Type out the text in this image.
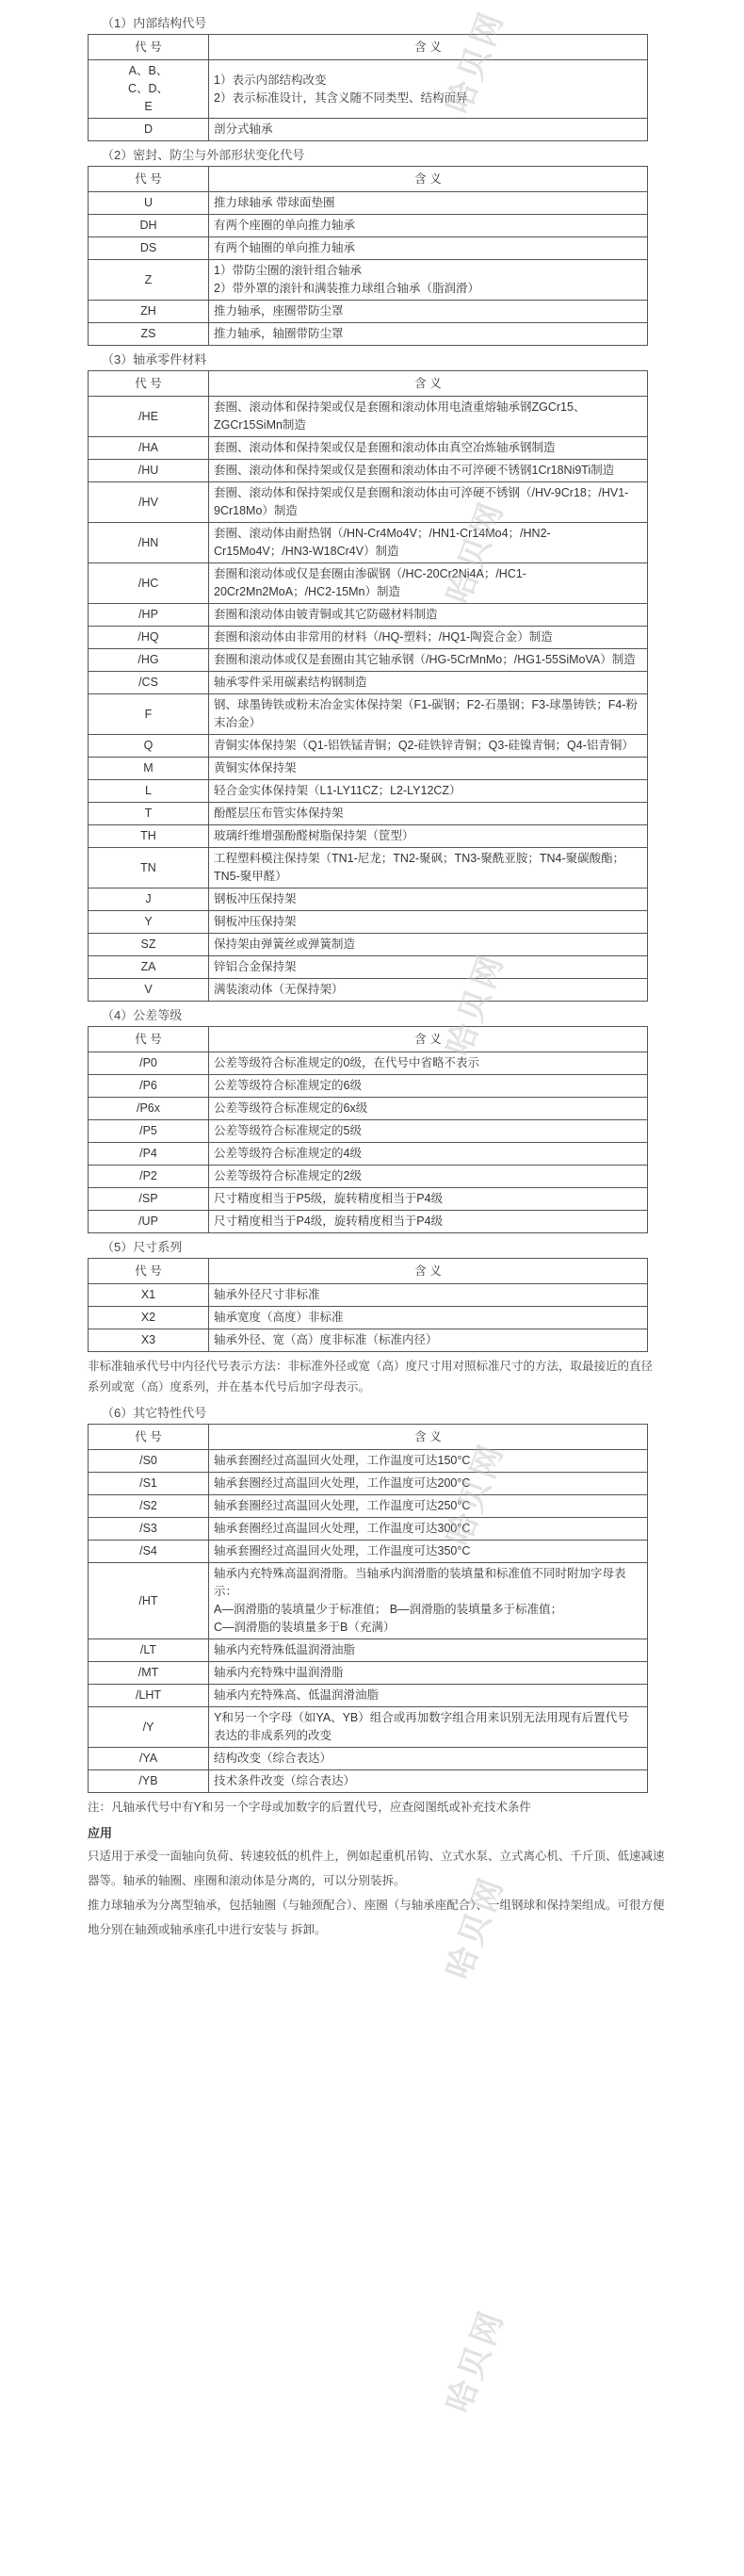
（1）内部结构代号
代 号	含 义
A、B、
C、D、
E	1）表示内部结构改变
2）表示标准设计，其含义随不同类型、结构而异

D	剖分式轴承
（2）密封、防尘与外部形状变化代号
代 号	含 义
U	推力球轴承 带球面垫圈

DH	有两个座圈的单向推力轴承

DS	有两个轴圈的单向推力轴承

Z	1）带防尘圈的滚针组合轴承
2）带外罩的滚针和满装推力球组合轴承（脂润滑）

ZH	推力轴承，座圈带防尘罩

ZS	推力轴承，轴圈带防尘罩
（3）轴承零件材料
代 号	含 义
/HE	套圈、滚动体和保持架或仅是套圈和滚动体用电渣重熔轴承钢ZGCr15、ZGCr15SiMn制造

/HA	套圈、滚动体和保持架或仅是套圈和滚动体由真空冶炼轴承钢制造

/HU	套圈、滚动体和保持架或仅是套圈和滚动体由不可淬硬不锈钢1Cr18Ni9Ti制造

/HV	套圈、滚动体和保持架或仅是套圈和滚动体由可淬硬不锈钢（/HV-9Cr18；/HV1-9Cr18Mo）制造

/HN	套圈、滚动体由耐热钢（/HN-Cr4Mo4V；/HN1-Cr14Mo4；/HN2-Cr15Mo4V；/HN3-W18Cr4V）制造

/HC	套圈和滚动体或仅是套圈由渗碳钢（/HC-20Cr2Ni4A；/HC1-20Cr2Mn2MoA；/HC2-15Mn）制造

/HP	套圈和滚动体由铍青铜或其它防磁材料制造

/HQ	套圈和滚动体由非常用的材料（/HQ-塑料；/HQ1-陶瓷合金）制造

/HG	套圈和滚动体或仅是套圈由其它轴承钢（/HG-5CrMnMo；/HG1-55SiMoVA）制造

/CS	轴承零件采用碳素结构钢制造

F	钢、球墨铸铁或粉末冶金实体保持架（F1-碳钢；F2-石墨钢；F3-球墨铸铁；F4-粉末冶金）

Q	青铜实体保持架（Q1-铝铁锰青铜；Q2-硅铁锌青铜；Q3-硅镍青铜；Q4-铝青铜）

M	黄铜实体保持架

L	轻合金实体保持架（L1-LY11CZ；L2-LY12CZ）

T	酚醛层压布管实体保持架

TH	玻璃纤维增强酚醛树脂保持架（筐型）

TN	工程塑料模注保持架（TN1-尼龙；TN2-聚砜；TN3-聚酰亚胺；TN4-聚碳酸酯；TN5-聚甲醛）

J	钢板冲压保持架

Y	铜板冲压保持架

SZ	保持架由弹簧丝或弹簧制造

ZA	锌铝合金保持架

V	满装滚动体（无保持架）
（4）公差等级
代 号	含 义
/P0	公差等级符合标准规定的0级，在代号中省略不表示

/P6	公差等级符合标准规定的6级

/P6x	公差等级符合标准规定的6x级

/P5	公差等级符合标准规定的5级

/P4	公差等级符合标准规定的4级

/P2	公差等级符合标准规定的2级

/SP	尺寸精度相当于P5级，旋转精度相当于P4级

/UP	尺寸精度相当于P4级，旋转精度相当于P4级
（5）尺寸系列
代 号	含 义
X1	轴承外径尺寸非标准

X2	轴承宽度（高度）非标准

X3	轴承外径、宽（高）度非标准（标准内径）
非标准轴承代号中内径代号表示方法：非标准外径或宽（高）度尺寸用对照标准尺寸的方法，取最接近的直径系列或宽（高）度系列，并在基本代号后加字母表示。
（6）其它特性代号
代 号	含 义
/S0	轴承套圈经过高温回火处理，工作温度可达150°C

/S1	轴承套圈经过高温回火处理，工作温度可达200°C

/S2	轴承套圈经过高温回火处理，工作温度可达250°C

/S3	轴承套圈经过高温回火处理，工作温度可达300°C

/S4	轴承套圈经过高温回火处理，工作温度可达350°C

/HT	轴承内充特殊高温润滑脂。当轴承内润滑脂的装填量和标准值不同时附加字母表示：
A—润滑脂的装填量少于标准值； B—润滑脂的装填量多于标准值；
C—润滑脂的装填量多于B（充满）

/LT	轴承内充特殊低温润滑油脂

/MT	轴承内充特殊中温润滑脂

/LHT	轴承内充特殊高、低温润滑油脂

/Y	Y和另一个字母（如YA、YB）组合或再加数字组合用来识别无法用现有后置代号表达的非成系列的改变

/YA	结构改变（综合表达）

/YB	技术条件改变（综合表达）
注：凡轴承代号中有Y和另一个字母或加数字的后置代号，应查阅图纸或补充技术条件
应用
只适用于承受一面轴向负荷、转速较低的机件上，例如起重机吊钩、立式水泵、立式离心机、千斤顶、低速减速器等。轴承的轴圈、座圈和滚动体是分离的，可以分别装拆。
推力球轴承为分离型轴承，包括轴圈（与轴颈配合）、座圈（与轴承座配合）、一组钢球和保持架组成。可很方便地分别在轴颈或轴承座孔中进行安装与 拆卸。
哈贝网
哈贝网
哈贝网
哈贝网
哈贝网
哈贝网
